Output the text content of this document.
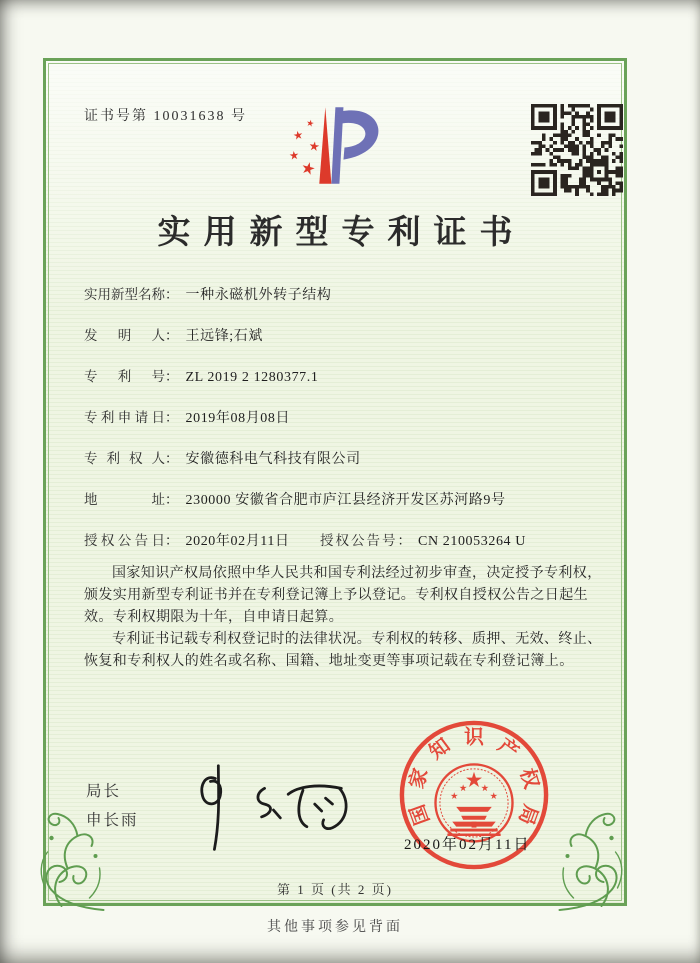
证书号第 10031638 号
实用新型专利证书
实用新型名称： 一种永磁机外转子结构
发明人： 王远锋;石斌
专利号： ZL 2019 2 1280377.1
专利申请日： 2019年08月08日
专利权人： 安徽德科电气科技有限公司
地址： 230000 安徽省合肥市庐江县经济开发区苏河路9号
授权公告日： 2020年02月11日 授权公告号： CN 210053264 U

国家知识产权局依照中华人民共和国专利法经过初步审查，决定授予专利权，颁发实用新型专利证书并在专利登记簿上予以登记。专利权自授权公告之日起生效。专利权期限为十年，自申请日起算。

专利证书记载专利权登记时的法律状况。专利权的转移、质押、无效、终止、恢复和专利权人的姓名或名称、国籍、地址变更等事项记载在专利登记簿上。

局长
申长雨	国
家
知 识 产
权
局
2020年02月11日
第 1 页 (共 2 页)
其他事项参见背面
